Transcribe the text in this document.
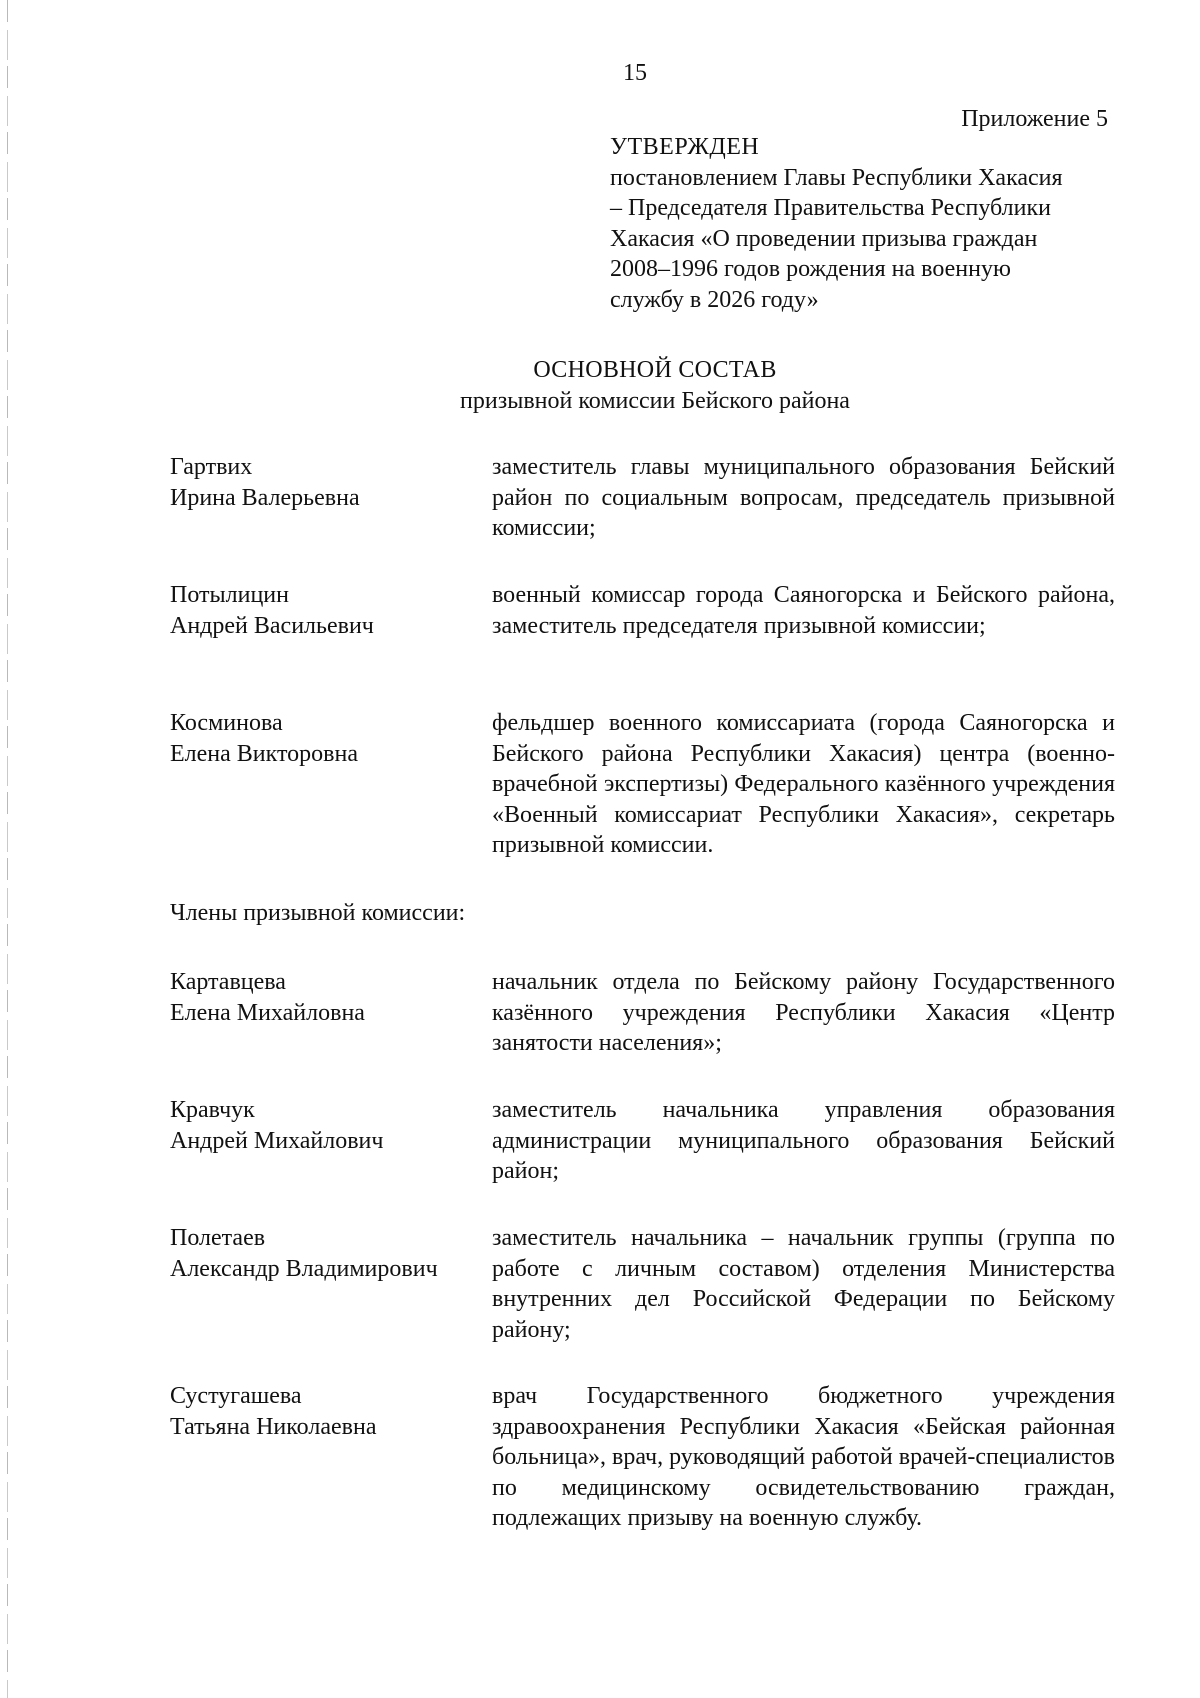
15
Приложение 5
УТВЕРЖДЕН
постановлением Главы Республики Хакасия
– Председателя Правительства Республики
Хакасия «О проведении призыва граждан
2008–1996 годов рождения на военную
службу в 2026 году»
ОСНОВНОЙ СОСТАВ
призывной комиссии Бейского района
Гартвих
Ирина Валерьевна
заместитель главы муниципального образования Бейский район по социальным вопросам, председатель призывной комиссии;
Потылицин
Андрей Васильевич
военный комиссар города Саяногорска и Бейского района, заместитель председателя призывной комиссии;
Косминова
Елена Викторовна
фельдшер военного комиссариата (города Саяногорска и Бейского района Республики Хакасия) центра (военно-врачебной экспертизы) Федерального казённого учреждения «Военный комиссариат Республики Хакасия», секретарь призывной комиссии.
Члены призывной комиссии:
Картавцева
Елена Михайловна
начальник отдела по Бейскому району Государственного казённого учреждения Республики Хакасия «Центр занятости населения»;
Кравчук
Андрей Михайлович
заместитель начальника управления образования администрации муниципального образования Бейский район;
Полетаев
Александр Владимирович
заместитель начальника – начальник группы (группа по работе с личным составом) отделения Министерства внутренних дел Российской Федерации по Бейскому району;
Сустугашева
Татьяна Николаевна
врач Государственного бюджетного учреждения здравоохранения Республики Хакасия «Бейская районная больница», врач, руководящий работой врачей-специалистов по медицинскому освидетельствованию граждан, подлежащих призыву на военную службу.
